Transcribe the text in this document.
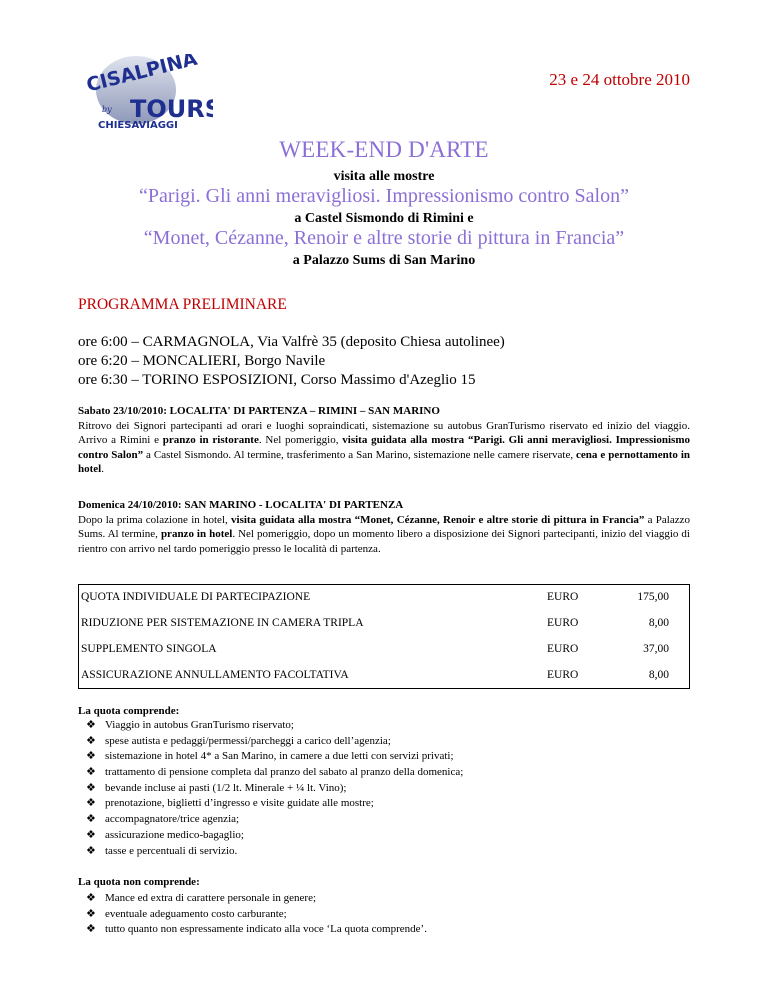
CISALPINA
TOURS
by
CHIESAVIAGGI
23 e 24 ottobre 2010
WEEK-END D'ARTE
visita alle mostre
“Parigi. Gli anni meravigliosi. Impressionismo contro Salon”
a Castel Sismondo di Rimini e
“Monet, Cézanne, Renoir e altre storie di pittura in Francia”
a Palazzo Sums di San Marino
PROGRAMMA PRELIMINARE
ore 6:00 – CARMAGNOLA, Via Valfrè 35 (deposito Chiesa autolinee)
ore 6:20 – MONCALIERI, Borgo Navile
ore 6:30 – TORINO ESPOSIZIONI, Corso Massimo d'Azeglio 15
Sabato 23/10/2010: LOCALITA' DI PARTENZA – RIMINI – SAN MARINO
Ritrovo dei Signori partecipanti ad orari e luoghi sopraindicati, sistemazione su autobus GranTurismo riservato ed inizio del viaggio. Arrivo a Rimini e pranzo in ristorante. Nel pomeriggio, visita guidata alla mostra “Parigi. Gli anni meravigliosi. Impressionismo contro Salon” a Castel Sismondo. Al termine, trasferimento a San Marino, sistemazione nelle camere riservate, cena e pernottamento in hotel.
Domenica 24/10/2010: SAN MARINO - LOCALITA' DI PARTENZA
Dopo la prima colazione in hotel, visita guidata alla mostra “Monet, Cézanne, Renoir e altre storie di pittura in Francia” a Palazzo Sums. Al termine, pranzo in hotel. Nel pomeriggio, dopo un momento libero a disposizione dei Signori partecipanti, inizio del viaggio di rientro con arrivo nel tardo pomeriggio presso le località di partenza.
QUOTA INDIVIDUALE DI PARTECIPAZIONE	EURO	175,00
RIDUZIONE PER SISTEMAZIONE IN CAMERA TRIPLA	EURO	8,00
SUPPLEMENTO SINGOLA	EURO	37,00
ASSICURAZIONE ANNULLAMENTO FACOLTATIVA	EURO	8,00
La quota comprende:
❖ Viaggio in autobus GranTurismo riservato;
❖ spese autista e pedaggi/permessi/parcheggi a carico dell’agenzia;
❖ sistemazione in hotel 4* a San Marino, in camere a due letti con servizi privati;
❖ trattamento di pensione completa dal pranzo del sabato al pranzo della domenica;
❖ bevande incluse ai pasti (1/2 lt. Minerale + ¼ lt. Vino);
❖ prenotazione, biglietti d’ingresso e visite guidate alle mostre;
❖ accompagnatore/trice agenzia;
❖ assicurazione medico-bagaglio;
❖ tasse e percentuali di servizio.
La quota non comprende:
❖ Mance ed extra di carattere personale in genere;
❖ eventuale adeguamento costo carburante;
❖ tutto quanto non espressamente indicato alla voce ‘La quota comprende’.
